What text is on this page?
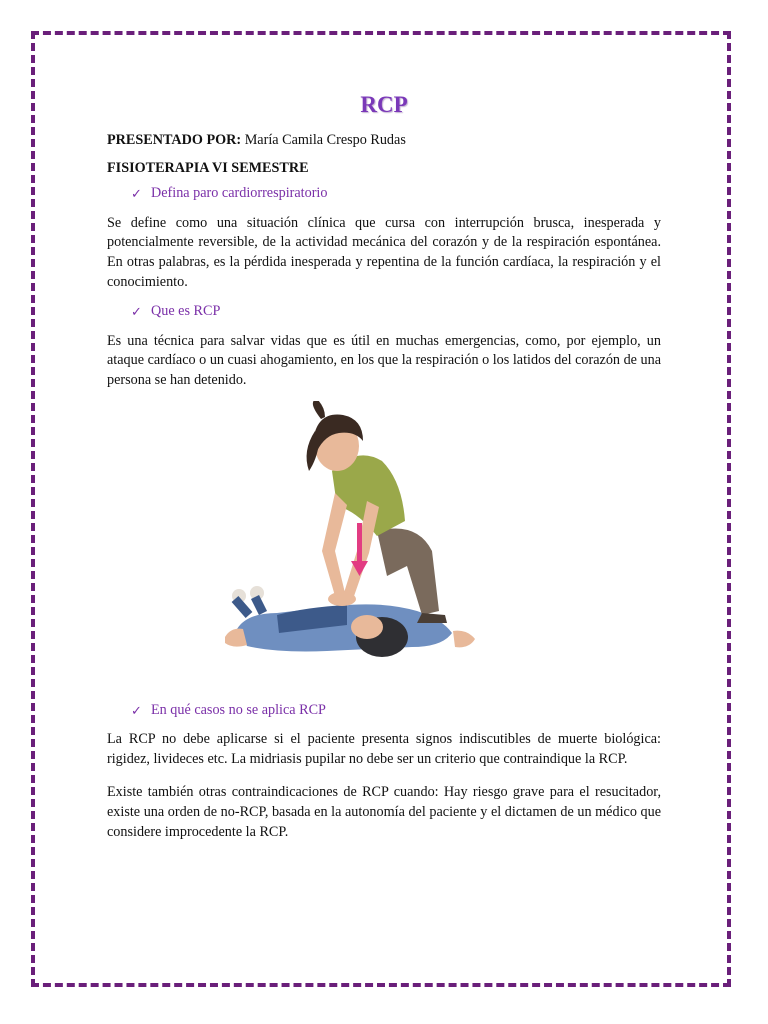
RCP

PRESENTADO POR: María Camila Crespo Rudas

FISIOTERAPIA VI SEMESTRE

✓ Defina paro cardiorrespiratorio

Se define como una situación clínica que cursa con interrupción brusca, inesperada y potencialmente reversible, de la actividad mecánica del corazón y de la respiración espontánea. En otras palabras, es la pérdida inesperada y repentina de la función cardíaca, la respiración y el conocimiento.

✓ Que es RCP

Es una técnica para salvar vidas que es útil en muchas emergencias, como, por ejemplo, un ataque cardíaco o un cuasi ahogamiento, en los que la respiración o los latidos del corazón de una persona se han detenido.

✓ En qué casos no se aplica RCP

La RCP no debe aplicarse si el paciente presenta signos indiscutibles de muerte biológica: rigidez, livideces etc. La midriasis pupilar no debe ser un criterio que contraindique la RCP.

Existe también otras contraindicaciones de RCP cuando: Hay riesgo grave para el resucitador, existe una orden de no-RCP, basada en la autonomía del paciente y el dictamen de un médico que considere improcedente la RCP.
